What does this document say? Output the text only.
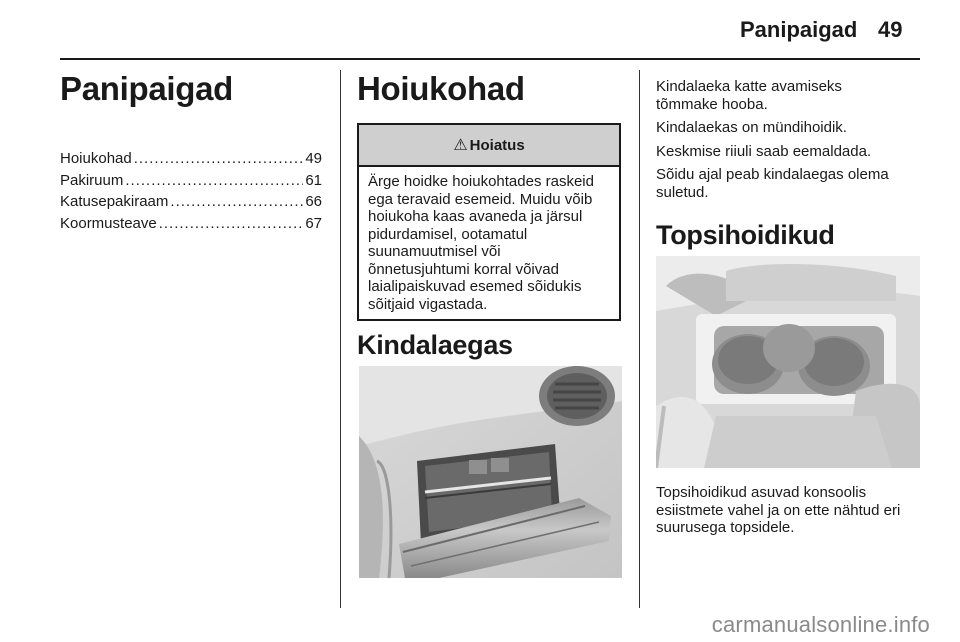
Panipaigad 49
Panipaigad
Hoiukohad .....	49
Pakiruum .....	61
Katusepakiraam .....	66
Koormusteave .....	67
Hoiukohad
⚠ Hoiatus
Ärge hoidke hoiukohtades raskeid
ega teravaid esemeid. Muidu võib
hoiukoha kaas avaneda ja järsul
pidurdamisel, ootamatul
suunamuutmisel või
õnnetusjuhtumi korral võivad
laialipaiskuvad esemed sõidukis
sõitjaid vigastada.
Kindalaegas
Kindalaeka katte avamiseks
tõmmake hooba.
Kindalaekas on mündihoidik.
Keskmise riiuli saab eemaldada.
Sõidu ajal peab kindalaegas olema
suletud.
Topsihoidikud
Topsihoidikud asuvad konsoolis
esiistmete vahel ja on ette nähtud eri
suurusega topsidele.
carmanualsonline.info
